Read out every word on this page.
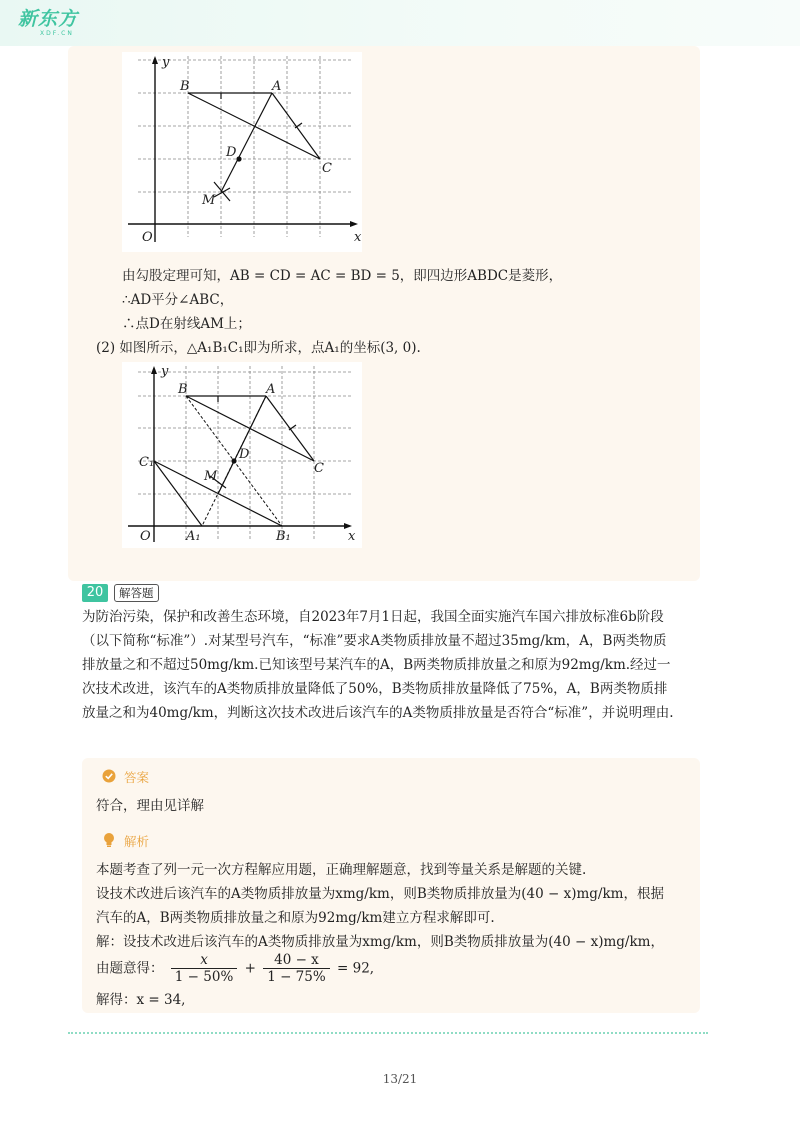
新东方
XDF.CN
x
y
O
B	A
C
D
M
由勾股定理可知，AB = CD = AC = BD = 5，即四边形ABDC是菱形，
∴AD平分∠ABC，
∴点D在射线AM上；
(2) 如图所示，△A₁B₁C₁即为所求，点A₁的坐标(3, 0).
x
y
O
B	A
C
D
M
C₁
A₁	B₁
20	解答题
为防治污染，保护和改善生态环境，自2023年7月1日起，我国全面实施汽车国六排放标准6b阶段
（以下简称“标准”）.对某型号汽车，“标准”要求A类物质排放量不超过35mg/km，A，B两类物质
排放量之和不超过50mg/km.已知该型号某汽车的A，B两类物质排放量之和原为92mg/km.经过一
次技术改进，该汽车的A类物质排放量降低了50%，B类物质排放量降低了75%，A，B两类物质排
放量之和为40mg/km，判断这次技术改进后该汽车的A类物质排放量是否符合“标准”，并说明理由.
答案
符合，理由见详解
解析
本题考查了列一元一次方程解应用题，正确理解题意，找到等量关系是解题的关键.
设技术改进后该汽车的A类物质排放量为xmg/km，则B类物质排放量为(40 − x)mg/km，根据
汽车的A，B两类物质排放量之和原为92mg/km建立方程求解即可.
解：设技术改进后该汽车的A类物质排放量为xmg/km，则B类物质排放量为(40 − x)mg/km，
由题意得： $\frac{x}{1 - 50\%} + \frac{40 - x}{1 - 75\%} = 92$,
解得：x = 34,
13/21
